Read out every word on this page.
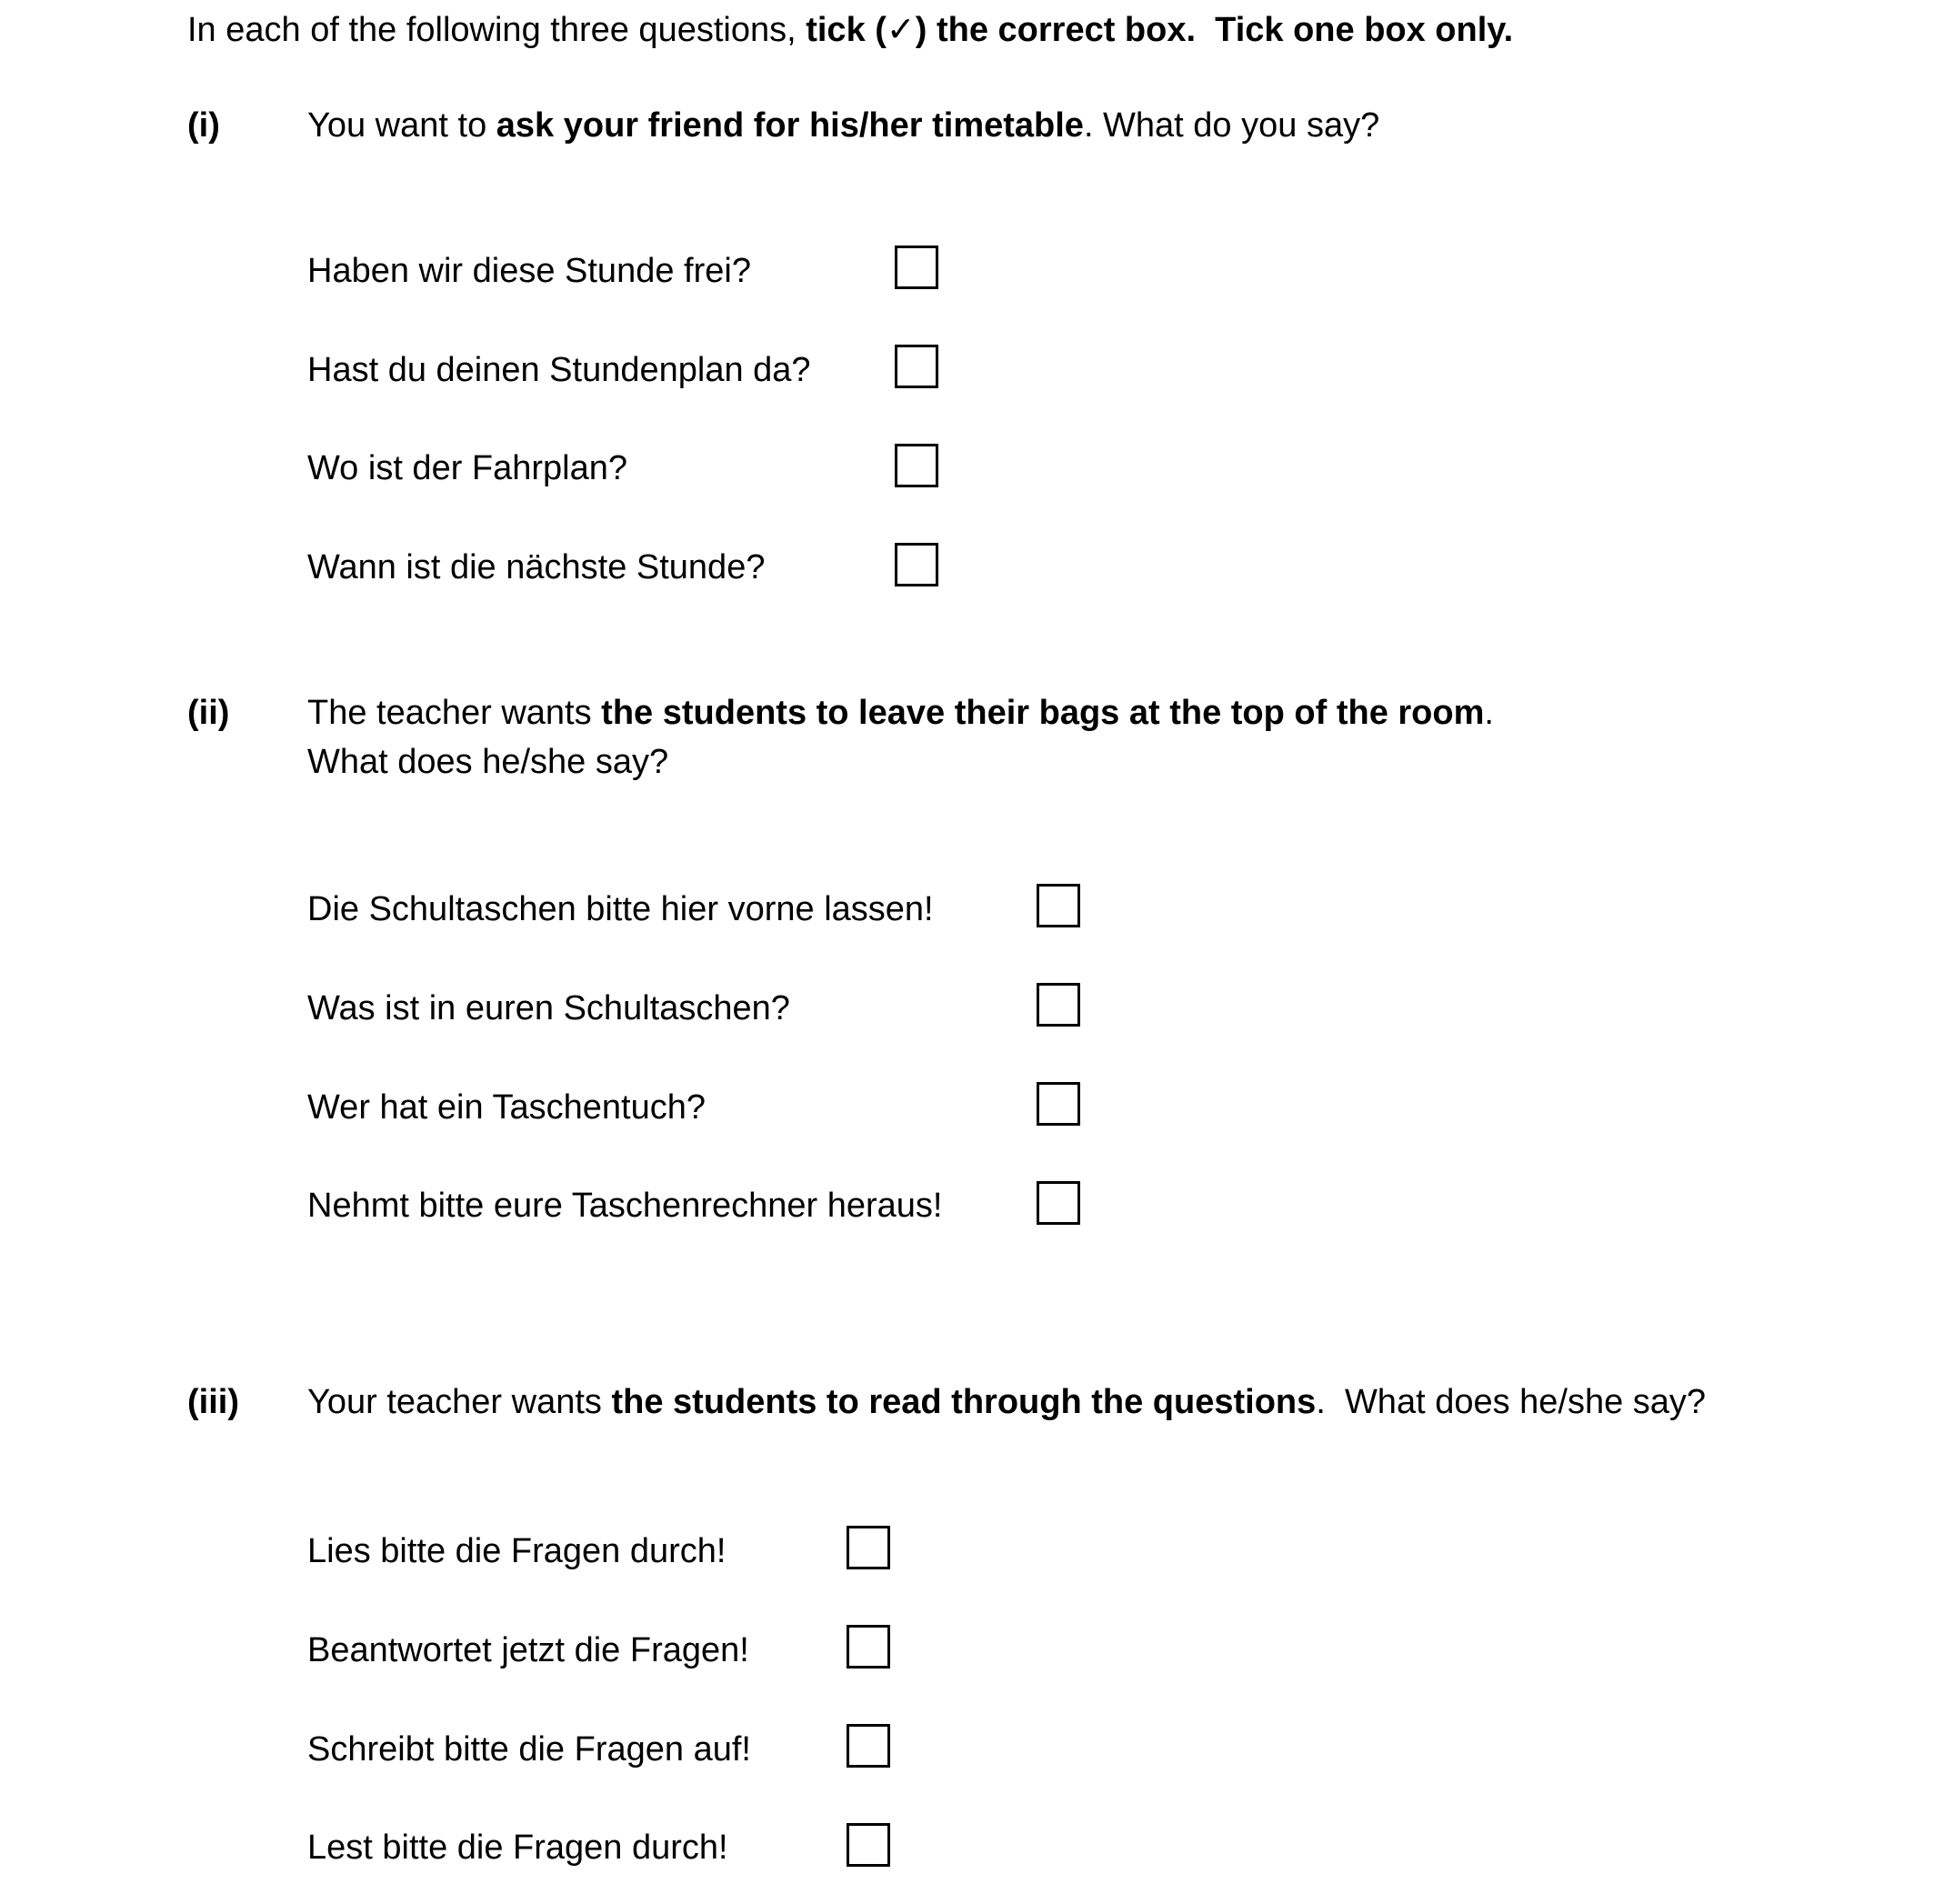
In each of the following three questions, tick (✓) the correct box. Tick one box only.
(i)	You want to ask your friend for his/her timetable. What do you say?
Haben wir diese Stunde frei?
Hast du deinen Stundenplan da?
Wo ist der Fahrplan?
Wann ist die nächste Stunde?
(ii) The teacher wants the students to leave their bags at the top of the room.
What does he/she say?
Die Schultaschen bitte hier vorne lassen!
Was ist in euren Schultaschen?
Wer hat ein Taschentuch?
Nehmt bitte eure Taschenrechner heraus!
(iii) Your teacher wants the students to read through the questions.  What does he/she say?
Lies bitte die Fragen durch!
Beantwortet jetzt die Fragen!
Schreibt bitte die Fragen auf!
Lest bitte die Fragen durch!
